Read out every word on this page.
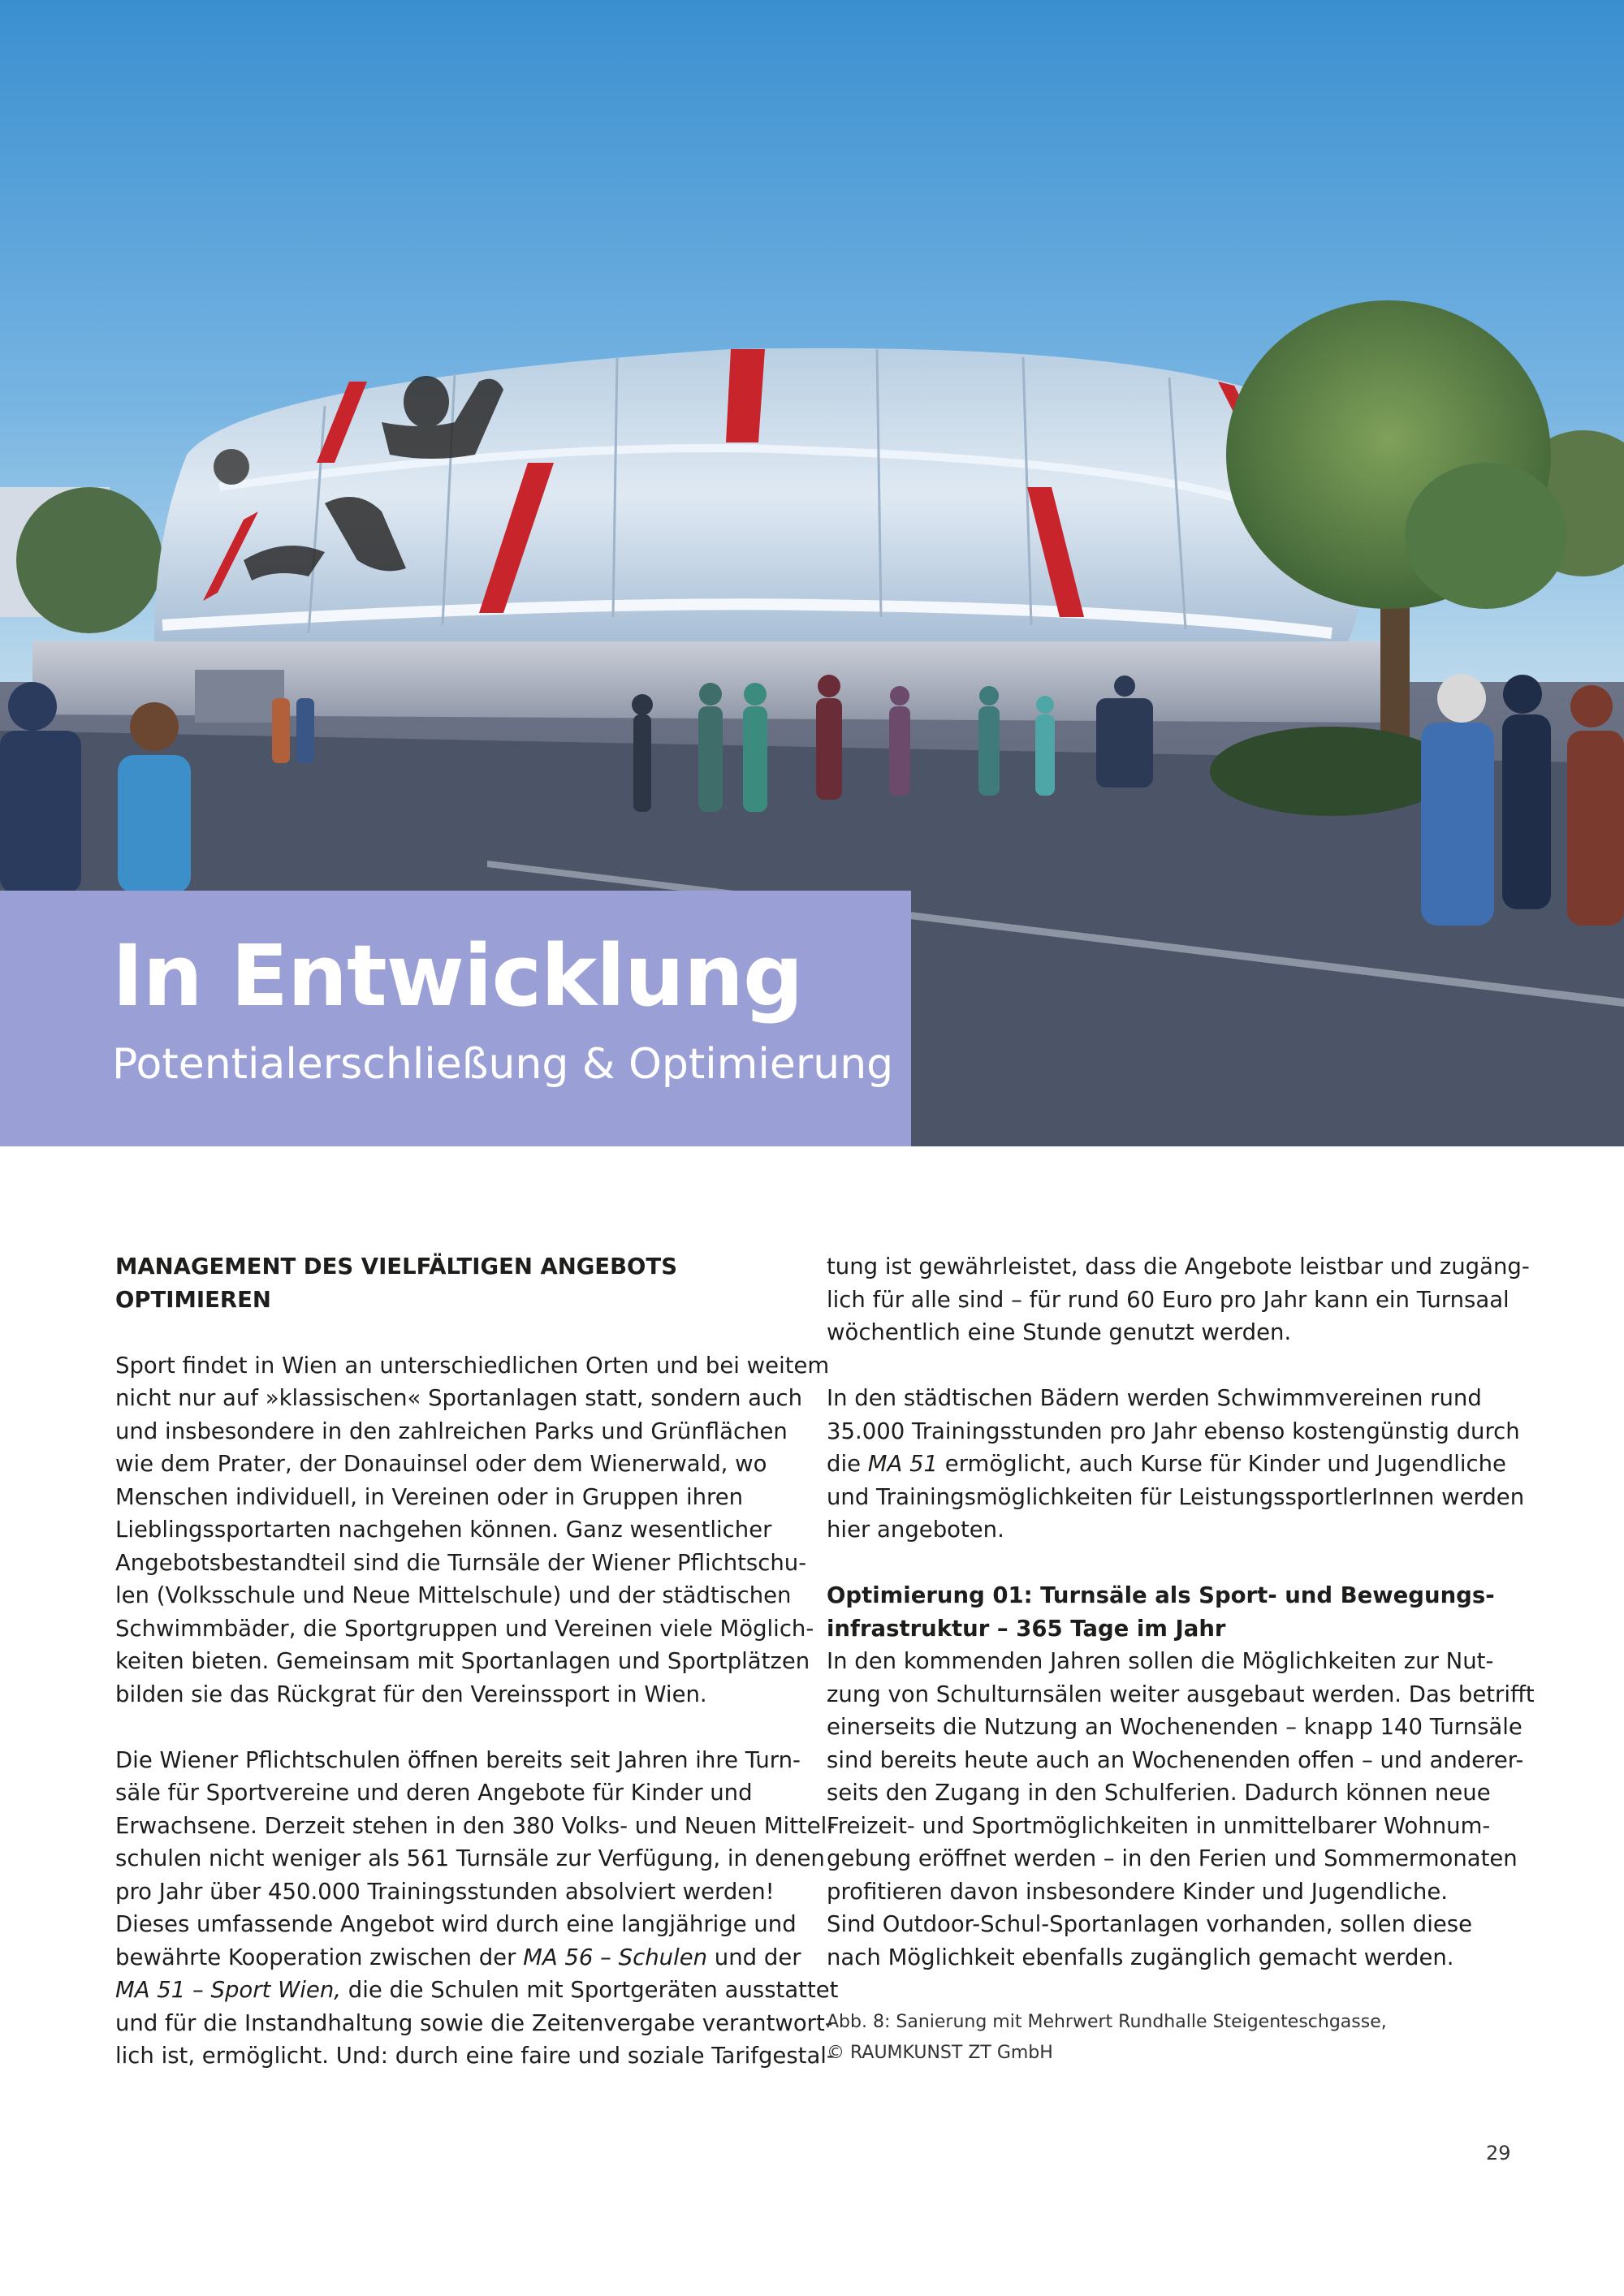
In Entwicklung
Potentialerschließung & Optimierung
MANAGEMENT DES VIELFÄLTIGEN ANGEBOTS
OPTIMIEREN
Sport findet in Wien an unterschiedlichen Orten und bei weitem
nicht nur auf »klassischen« Sportanlagen statt, sondern auch
und insbesondere in den zahlreichen Parks und Grünflächen
wie dem Prater, der Donauinsel oder dem Wienerwald, wo
Menschen individuell, in Vereinen oder in Gruppen ihren
Lieblingssportarten nachgehen können. Ganz wesentlicher
Angebotsbestandteil sind die Turnsäle der Wiener Pflichtschu-
len (Volksschule und Neue Mittelschule) und der städtischen
Schwimmbäder, die Sportgruppen und Vereinen viele Möglich-
keiten bieten. Gemeinsam mit Sportanlagen und Sportplätzen
bilden sie das Rückgrat für den Vereinssport in Wien.
Die Wiener Pflichtschulen öffnen bereits seit Jahren ihre Turn-
säle für Sportvereine und deren Angebote für Kinder und
Erwachsene. Derzeit stehen in den 380 Volks- und Neuen Mittel-
schulen nicht weniger als 561 Turnsäle zur Verfügung, in denen
pro Jahr über 450.000 Trainingsstunden absolviert werden!
Dieses umfassende Angebot wird durch eine langjährige und
bewährte Kooperation zwischen der MA 56 – Schulen und der
MA 51 – Sport Wien, die die Schulen mit Sportgeräten ausstattet
und für die Instandhaltung sowie die Zeitenvergabe verantwort-
lich ist, ermöglicht. Und: durch eine faire und soziale Tarifgestal-
tung ist gewährleistet, dass die Angebote leistbar und zugäng-
lich für alle sind – für rund 60 Euro pro Jahr kann ein Turnsaal
wöchentlich eine Stunde genutzt werden.
In den städtischen Bädern werden Schwimmvereinen rund
35.000 Trainingsstunden pro Jahr ebenso kostengünstig durch
die MA 51 ermöglicht, auch Kurse für Kinder und Jugendliche
und Trainingsmöglichkeiten für LeistungssportlerInnen werden
hier angeboten.
Optimierung 01: Turnsäle als Sport- und Bewegungs-
infrastruktur – 365 Tage im Jahr
In den kommenden Jahren sollen die Möglichkeiten zur Nut-
zung von Schulturnsälen weiter ausgebaut werden. Das betrifft
einerseits die Nutzung an Wochenenden – knapp 140 Turnsäle
sind bereits heute auch an Wochenenden offen – und anderer-
seits den Zugang in den Schulferien. Dadurch können neue
Freizeit- und Sportmöglichkeiten in unmittelbarer Wohnum-
gebung eröffnet werden – in den Ferien und Sommermonaten
profitieren davon insbesondere Kinder und Jugendliche.
Sind Outdoor-Schul-Sportanlagen vorhanden, sollen diese
nach Möglichkeit ebenfalls zugänglich gemacht werden.
Abb. 8: Sanierung mit Mehrwert Rundhalle Steigenteschgasse,
© RAUMKUNST ZT GmbH
29
